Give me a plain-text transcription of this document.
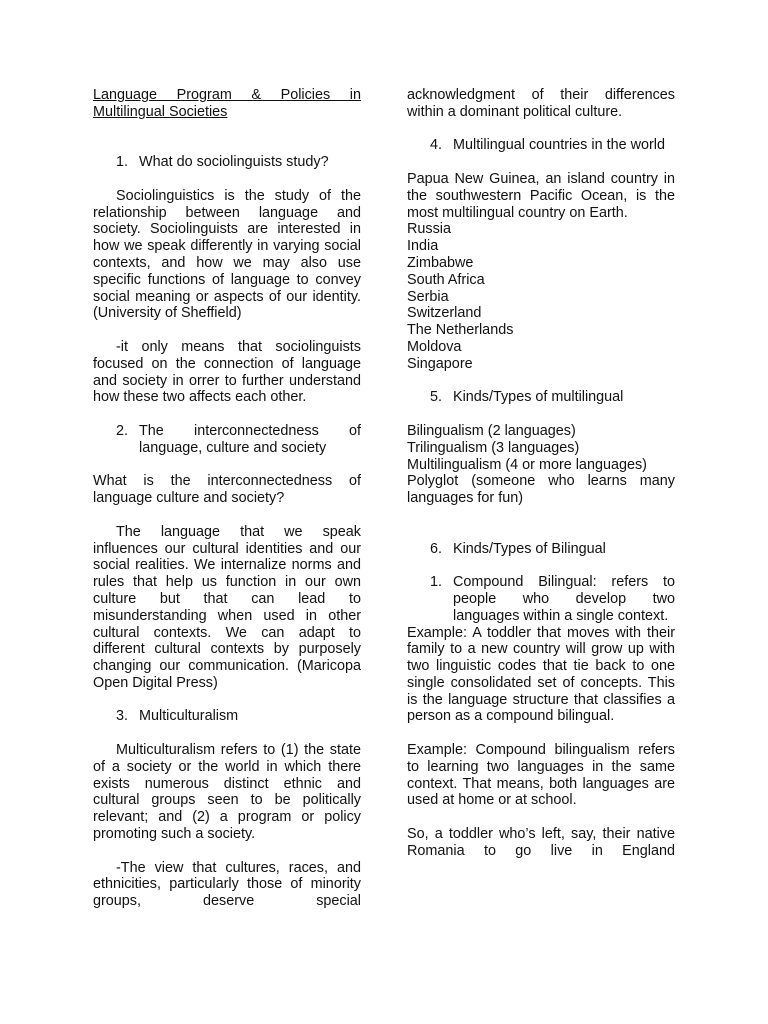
Language Program & Policies in Multilingual Societies

1. What do sociolinguists study?

Sociolinguistics is the study of the relationship between language and society. Sociolinguists are interested in how we speak differently in varying social contexts, and how we may also use specific functions of language to convey social meaning or aspects of our identity. (University of Sheffield)

-it only means that sociolinguists focused on the connection of language and society in orrer to further understand how these two affects each other.

2. The interconnectedness of language, culture and society

What is the interconnectedness of language culture and society?

The language that we speak influences our cultural identities and our social realities. We internalize norms and rules that help us function in our own culture but that can lead to misunderstanding when used in other cultural contexts. We can adapt to different cultural contexts by purposely changing our communication. (Maricopa Open Digital Press)

3. Multiculturalism

Multiculturalism refers to (1) the state of a society or the world in which there exists numerous distinct ethnic and cultural groups seen to be politically relevant; and (2) a program or policy promoting such a society.

-The view that cultures, races, and ethnicities, particularly those of minority groups, deserve special

acknowledgment of their differences within a dominant political culture.

4. Multilingual countries in the world

Papua New Guinea, an island country in the southwestern Pacific Ocean, is the most multilingual country on Earth.

Russia

India

Zimbabwe

South Africa

Serbia

Switzerland

The Netherlands

Moldova

Singapore

5. Kinds/Types of multilingual

Bilingualism (2 languages)

Trilingualism (3 languages)

Multilingualism (4 or more languages)

Polyglot (someone who learns many languages for fun)

6. Kinds/Types of Bilingual
1. Compound Bilingual: refers to people who develop two languages within a single context.

Example: A toddler that moves with their family to a new country will grow up with two linguistic codes that tie back to one single consolidated set of concepts. This is the language structure that classifies a person as a compound bilingual.

Example: Compound bilingualism refers to learning two languages in the same context. That means, both languages are used at home or at school.

So, a toddler who’s left, say, their native Romania to go live in England
